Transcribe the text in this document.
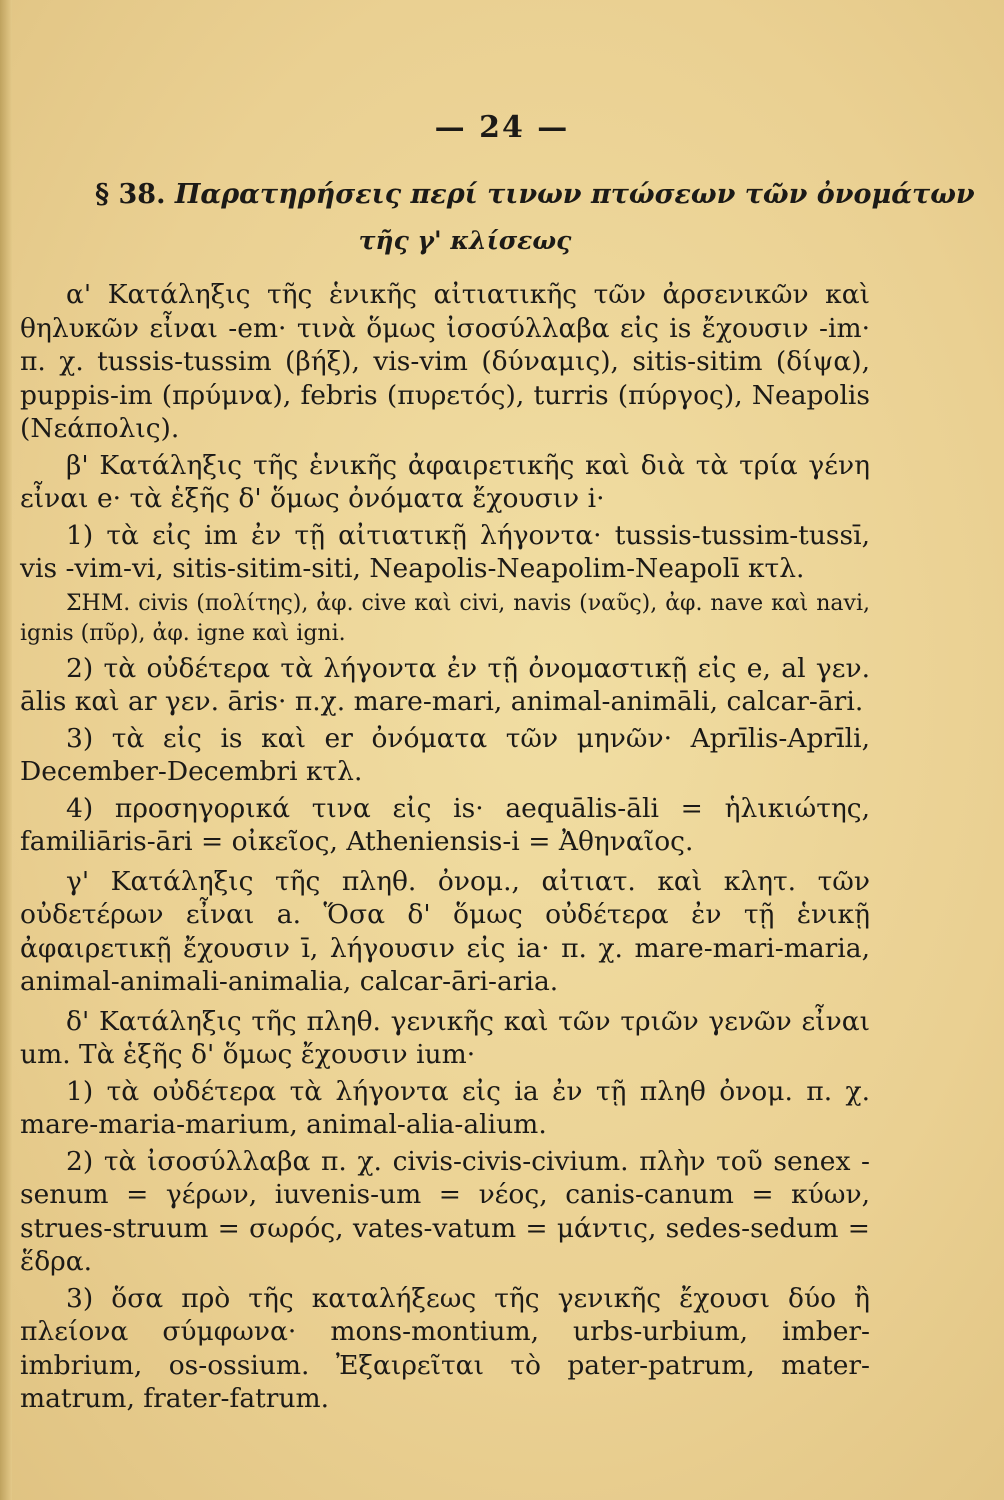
— 24 —
§ 38. Παρατηρήσεις περί τινων πτώσεων τῶν ὀνομάτων
τῆς γ' κλίσεως

α' Κατάληξις τῆς ἑνικῆς αἰτιατικῆς τῶν ἀρσενικῶν καὶ θηλυκῶν εἶναι -em· τινὰ ὅμως ἰσοσύλλαβα εἰς is ἔχουσιν -im· π. χ. tussis-tussim (βήξ), vis-vim (δύναμις), sitis-sitim (δίψα), puppis-im (πρύμνα), febris (πυρετός), turris (πύργος), Neapolis (Νεάπολις).

β' Κατάληξις τῆς ἑνικῆς ἀφαιρετικῆς καὶ διὰ τὰ τρία γένη εἶναι e· τὰ ἑξῆς δ' ὅμως ὀνόματα ἔχουσιν i·

1) τὰ εἰς im ἐν τῇ αἰτιατικῇ λήγοντα· tussis-tussim-tussī, vis -vim-vi, sitis-sitim-siti, Neapolis-Neapolim-Neapolī κτλ.

ΣΗΜ. civis (πολίτης), ἀφ. cive καὶ civi, navis (ναῦς), ἀφ. nave καὶ navi, ignis (πῦρ), ἀφ. igne καὶ igni.

2) τὰ οὐδέτερα τὰ λήγοντα ἐν τῇ ὀνομαστικῇ εἰς e, al γεν. ālis καὶ ar γεν. āris· π.χ. mare-mari, animal-animāli, calcar-āri.

3) τὰ εἰς is καὶ er ὀνόματα τῶν μηνῶν· Aprīlis-Aprīli, December-Decembri κτλ.

4) προσηγορικά τινα εἰς is· aequālis-āli = ἡλικιώτης, familiāris-āri = οἰκεῖος, Atheniensis-i = Ἀθηναῖος.

γ' Κατάληξις τῆς πληθ. ὀνομ., αἰτιατ. καὶ κλητ. τῶν οὐδετέρων εἶναι a. Ὅσα δ' ὅμως οὐδέτερα ἐν τῇ ἑνικῇ ἀφαιρετικῇ ἔχουσιν ī, λήγουσιν εἰς ia· π. χ. mare-mari-maria, animal-animali-animalia, calcar-āri-aria.

δ' Κατάληξις τῆς πληθ. γενικῆς καὶ τῶν τριῶν γενῶν εἶναι um. Τὰ ἑξῆς δ' ὅμως ἔχουσιν ium·

1) τὰ οὐδέτερα τὰ λήγοντα εἰς ia ἐν τῇ πληθ ὀνομ. π. χ. mare-maria-marium, animal-alia-alium.

2) τὰ ἰσοσύλλαβα π. χ. civis-civis-civium. πλὴν τοῦ senex -senum = γέρων, iuvenis-um = νέος, canis-canum = κύων, strues-struum = σωρός, vates-vatum = μάντις, sedes-sedum = ἕδρα.

3) ὅσα πρὸ τῆς καταλήξεως τῆς γενικῆς ἔχουσι δύο ἢ πλείονα σύμφωνα· mons-montium, urbs-urbium, imber-imbrium, os-ossium. Ἐξαιρεῖται τὸ pater-patrum, mater-matrum, frater-fatrum.
